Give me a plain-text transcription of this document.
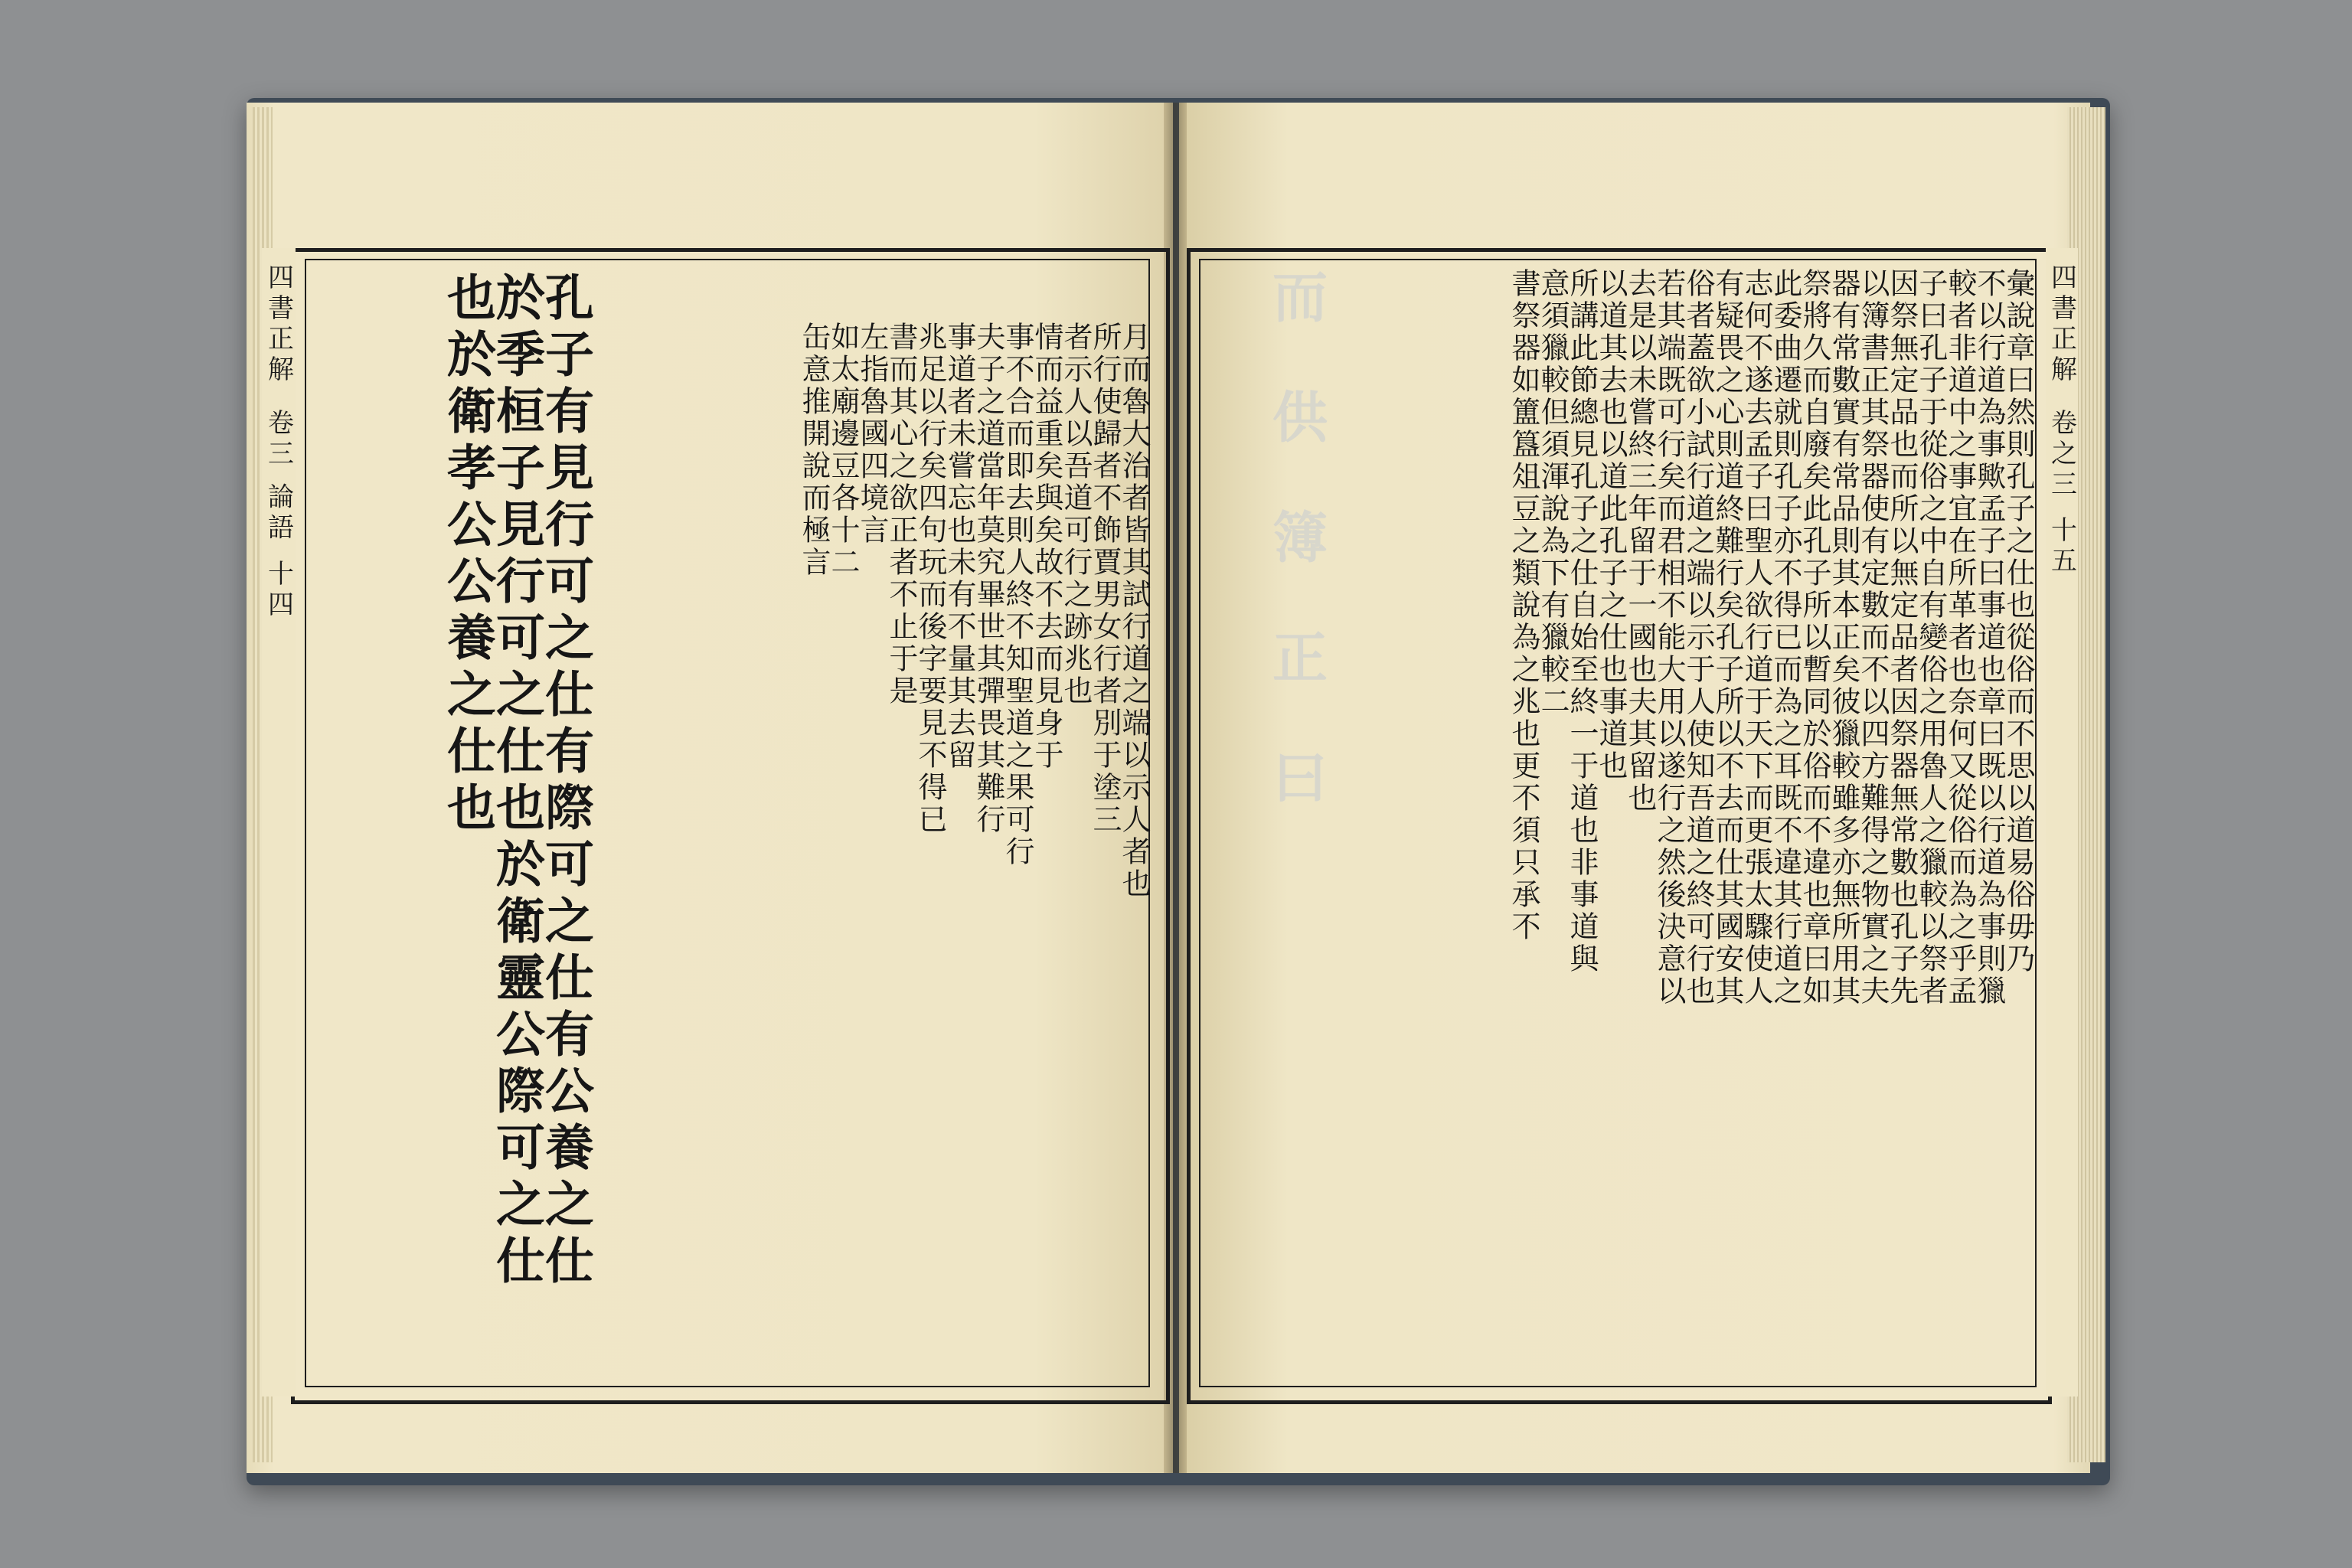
而 供 簿 正 曰
四書正解
卷三 論語
十四
四書正解
卷之三
十五
孔子有見行可之仕有際可之仕有公養之仕
於季桓子見行可之仕也於衛靈公際可之仕
也於衛孝公公養之仕也	月而魯大治者皆其試行道之端以示人者也
所行使歸者不飾賈男女行者別于塗三
者示人以吾道可行之跡兆也
情而益重矣與矣故不去而見身于
事不合而即去則人終不知聖道之果可行
夫子之道當年莫究畢世其彈畏其難行
事道者未嘗忘也未有不量其去留
兆足以行矣四句玩而後字要見不得已
書而其心之欲正者不止于是
左指魯國四境言
如太廟邊豆各十二
缶意推開說而極言	彙說章曰然則孔子之仕也從俗而不思以道易俗毋乃
不以行道為事歟孟子曰事道也章曰既以行道為事則獵
較者非道中之事宜在所革者也奈何又從俗而為之乎孟
子曰孔子于從俗之中自有變俗之用魯人之獵較以祭者
因祭無定品也而所以無定品者因祭器無常數也孔子先
以簿書正其祭器使有定數而不以四方難得之物實之夫
器有常數實有常品則其本正矣彼獵較雖多亦無所用其
祭將久而自廢矣此孔子所以暫同於俗而不違也章曰如
此委曲遷就則孔子亦不得已而為之耳既不違其行道之
志何不遂去孟子曰聖人欲行道于天下而更張太驟使人
有疑畏之心則道終難行矣孔子所以不去而仕其國安其
俗者蓋欲小試行道之端以示于人使知吾道之終可行也
若其端既可行矣而君相不能大用以遂行之然後決意以
去是以未嘗終三年留于一國也夫其留也
以道其去也以道此孔子之仕也事道也
所講此節總見孔子之仕自始至終一于道也非事道與
意須獵較但須渾說為下有獵較二
書祭器如簠簋俎豆之類說為之兆也更不須只承不
